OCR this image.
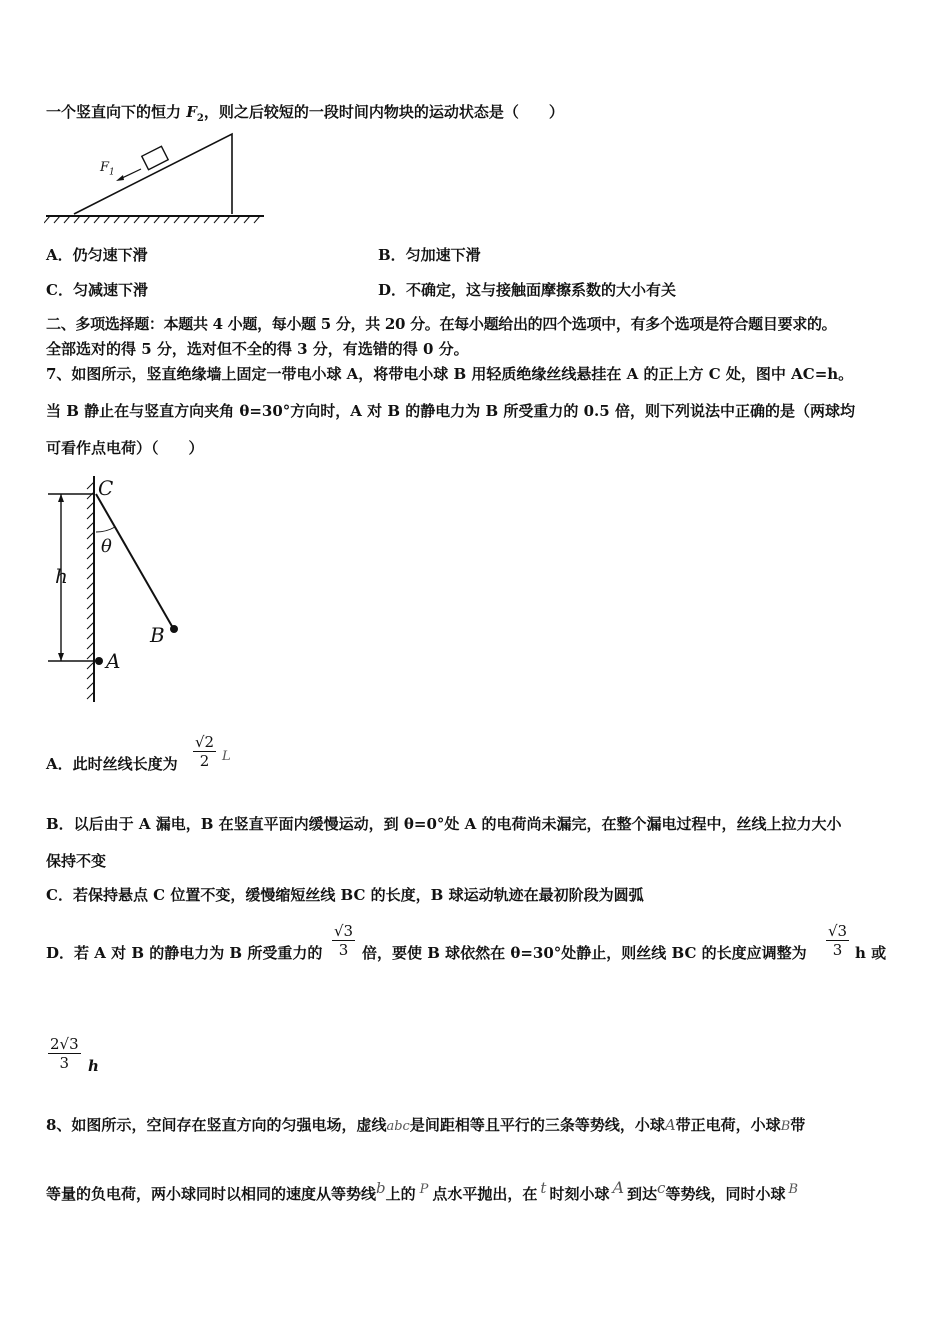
一个竖直向下的恒力 $F_2$，则之后较短的一段时间内物块的运动状态是（　　）
$F_1$
A．仍匀速下滑	B．匀加速下滑
C．匀减速下滑	D．不确定，这与接触面摩擦系数的大小有关
二、多项选择题：本题共 4 小题，每小题 5 分，共 20 分。在每小题给出的四个选项中，有多个选项是符合题目要求的。
全部选对的得 5 分，选对但不全的得 3 分，有选错的得 0 分。
7、如图所示，竖直绝缘墙上固定一带电小球 A，将带电小球 B 用轻质绝缘丝线悬挂在 A 的正上方 C 处，图中 AC=h。
当 B 静止在与竖直方向夹角 θ=30°方向时，A 对 B 的静电力为 B 所受重力的 0.5 倍，则下列说法中正确的是（两球均
可看作点电荷）（　　）
C
θ
h
B
A
A．此时丝线长度为 $\frac{√2}{2}$ L
B．以后由于 A 漏电，B 在竖直平面内缓慢运动，到 θ=0°处 A 的电荷尚未漏完，在整个漏电过程中，丝线上拉力大小
保持不变
C．若保持悬点 C 位置不变，缓慢缩短丝线 BC 的长度，B 球运动轨迹在最初阶段为圆弧
D．若 A 对 B 的静电力为 B 所受重力的 $\frac{√3}{3}$ 倍，要使 B 球依然在 θ=30°处静止，则丝线 BC 的长度应调整为 $\frac{√3}{3}$ h 或
$\frac{2√3}{3}$ h
8、如图所示，空间存在竖直方向的匀强电场，虚线abc是间距相等且平行的三条等势线，小球A带正电荷，小球B带
等量的负电荷，两小球同时以相同的速度从等势线$^b$上的 $^P$ 点水平抛出，在 $^t$ 时刻小球 $^A$ 到达$^c$等势线，同时小球 $^B$
